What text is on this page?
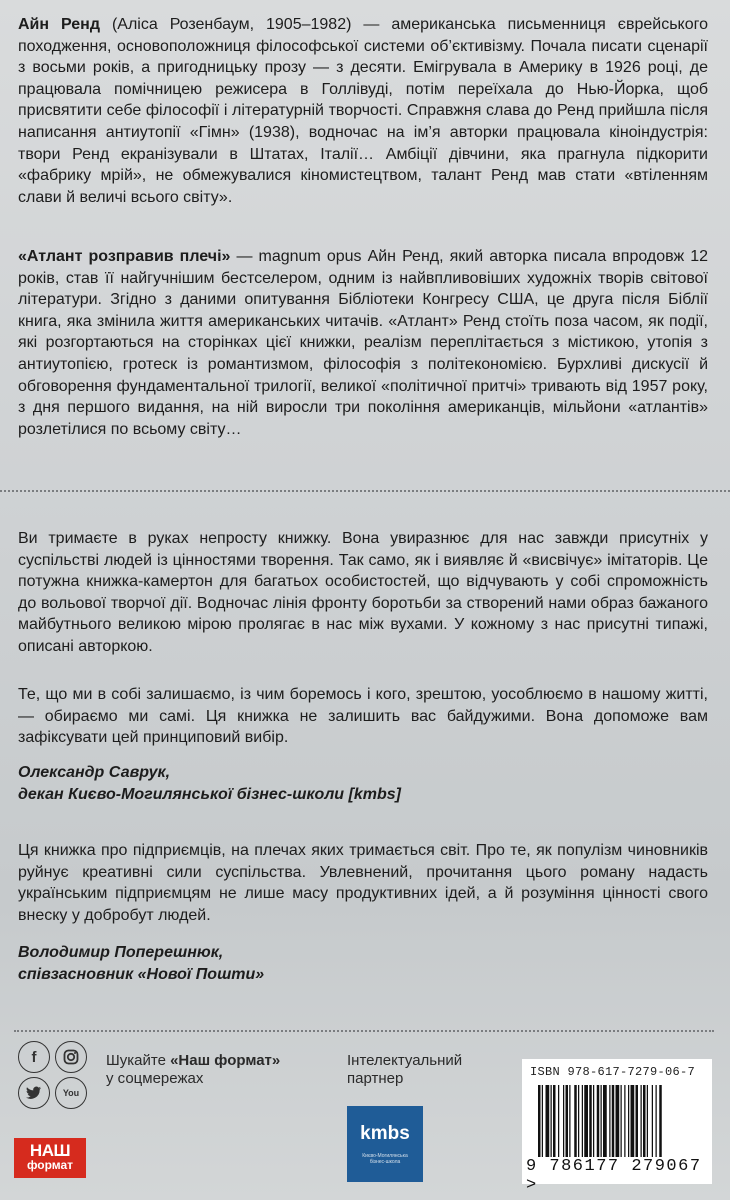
Айн Ренд (Аліса Розенбаум, 1905–1982) — американська письменниця єврейського походження, основоположниця філософської системи об’єктивізму. Почала писати сценарії з восьми років, а пригодницьку прозу — з десяти. Емігрувала в Америку в 1926 році, де працювала помічницею режисера в Голлівуді, потім переїхала до Нью-Йорка, щоб присвятити себе філософії і літературній творчості. Справжня слава до Ренд прийшла після написання антиутопії «Гімн» (1938), водночас на ім’я авторки працювала кіноіндустрія: твори Ренд екранізували в Штатах, Італії… Амбіції дівчини, яка прагнула підкорити «фабрику мрій», не обмежувалися кіномистецтвом, талант Ренд мав стати «втіленням слави й величі всього світу».

«Атлант розправив плечі» — magnum opus Айн Ренд, який авторка писала впродовж 12 років, став її найгучнішим бестселером, одним із найвпливовіших художніх творів світової літератури. Згідно з даними опитування Бібліотеки Конгресу США, це друга після Біблії книга, яка змінила життя американських читачів. «Атлант» Ренд стоїть поза часом, як події, які розгортаються на сторінках цієї книжки, реалізм переплітається з містикою, утопія з антиутопією, гротеск із романтизмом, філософія з політекономією. Бурхливі дискусії й обговорення фундаментальної трилогії, великої «політичної притчі» тривають від 1957 року, з дня першого видання, на ній виросли три покоління американців, мільйони «атлантів» розлетілися по всьому світу…

Ви тримаєте в руках непросту книжку. Вона увиразнює для нас завжди присутніх у суспільстві людей із цінностями творення. Так само, як і виявляє й «висвічує» імітаторів. Це потужна книжка-камертон для багатьох особистостей, що відчувають у собі спроможність до вольової творчої дії. Водночас лінія фронту боротьби за створений нами образ бажаного майбутнього великою мірою пролягає в нас між вухами. У кожному з нас присутні типажі, описані авторкою.

Те, що ми в собі залишаємо, із чим боремось і кого, зрештою, уособлюємо в нашому житті, — обираємо ми самі. Ця книжка не залишить вас байдужими. Вона допоможе вам зафіксувати цей принциповий вибір.

Олександр Саврук,
декан Києво-Могилянської бізнес-школи [kmbs]

Ця книжка про підприємців, на плечах яких тримається світ. Про те, як популізм чиновників руйнує креативні сили суспільства. Увлевнений, прочитання цього роману надасть українським підприємцям не лише масу продуктивних ідей, а й розуміння цінності свого внеску у добробут людей.

Володимир Поперешнюк,
співзасновник «Нової Пошти»
f
You
Шукайте «Наш формат»
у соцмережах
Інтелектуальний
партнер
kmbs
Києво-Могилянська бізнес-школа
НАШ
формат
ISBN 978-617-7279-06-7
9 786177 279067 >
